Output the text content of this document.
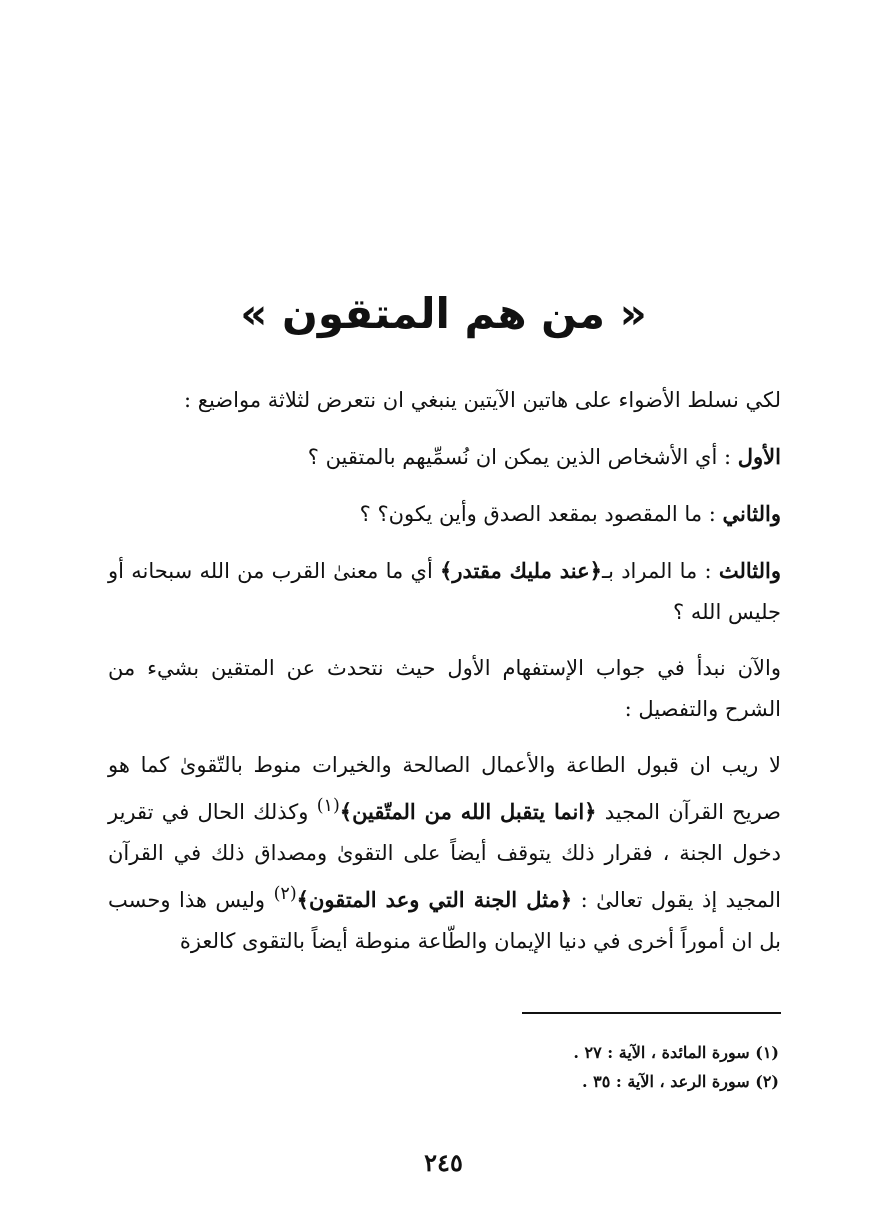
« من هم المتقون »

لكي نسلط الأضواء على هاتين الآيتين ينبغي ان نتعرض لثلاثة مواضيع :

الأول : أي الأشخاص الذين يمكن ان نُسمِّيهم بالمتقين ؟

والثاني : ما المقصود بمقعد الصدق وأين يكون؟ ؟

والثالث : ما المراد بـ﴿عند مليك مقتدر﴾ أي ما معنىٰ القرب من الله سبحانه أو جليس الله ؟

والآن نبدأ في جواب الإستفهام الأول حيث نتحدث عن المتقين بشيء من الشرح والتفصيل :

لا ريب ان قبول الطاعة والأعمال الصالحة والخيرات منوط بالتّقوىٰ كما هو صريح القرآن المجيد ﴿انما يتقبل الله من المتّقين﴾$^{(١)}$ وكذلك الحال في تقرير دخول الجنة ، فقرار ذلك يتوقف أيضاً على التقوىٰ ومصداق ذلك في القرآن المجيد إذ يقول تعالىٰ : ﴿مثل الجنة التي وعد المتقون﴾$^{(٢)}$ وليس هذا وحسب بل ان أموراً أخرى في دنيا الإيمان والطّاعة منوطة أيضاً بالتقوى كالعزة

(١) سورة المائدة ، الآية : ٢٧ .
(٢) سورة الرعد ، الآية : ٣٥ .
٢٤٥
